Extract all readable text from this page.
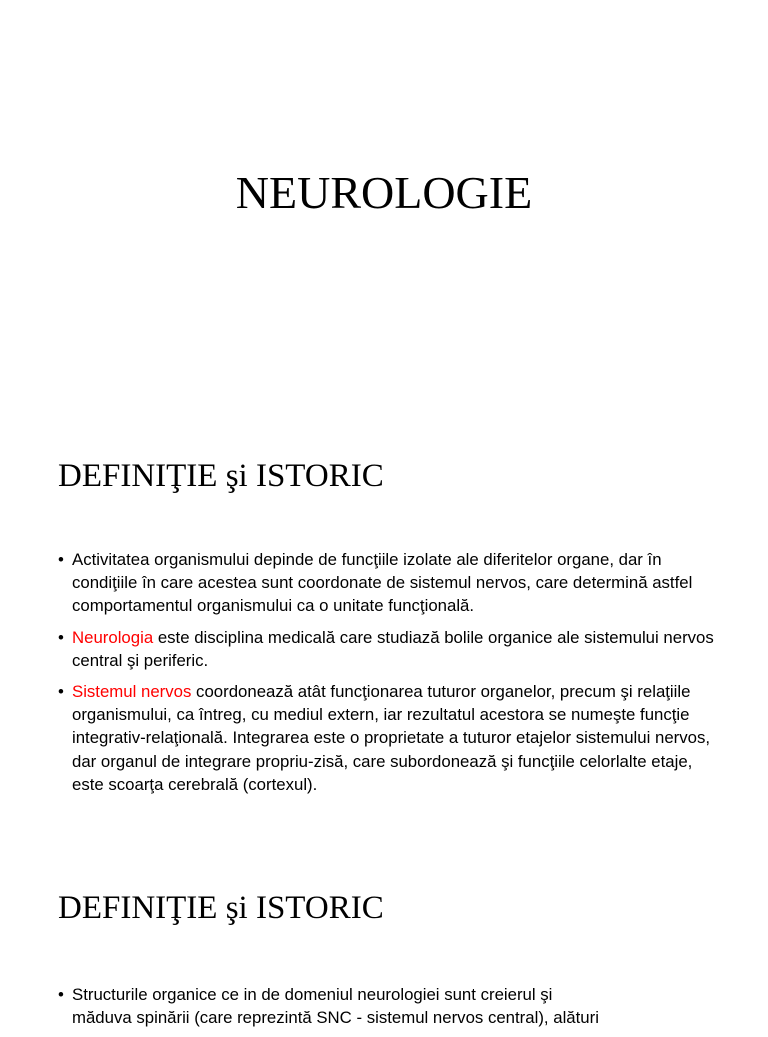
NEUROLOGIE
DEFINIŢIE şi ISTORIC
• Activitatea organismului depinde de funcţiile izolate ale diferitelor organe, dar în condiţiile în care acestea sunt coordonate de sistemul nervos, care determină astfel comportamentul organismului ca o unitate funcţională.
• Neurologia este disciplina medicală care studiază bolile organice ale sistemului nervos central şi periferic.
• Sistemul nervos coordonează atât funcţionarea tuturor organelor, precum şi relaţiile organismului, ca întreg, cu mediul extern, iar rezultatul acestora se numeşte funcţie integrativ-relaţională. Integrarea este o proprietate a tuturor etajelor sistemului nervos, dar organul de integrare propriu-zisă, care subordonează şi funcţiile celorlalte etaje, este scoarţa cerebrală (cortexul).
DEFINIŢIE şi ISTORIC
• Structurile organice ce in de domeniul neurologiei sunt creierul şi
măduva spinării (care reprezintă SNC - sistemul nervos central), alături
